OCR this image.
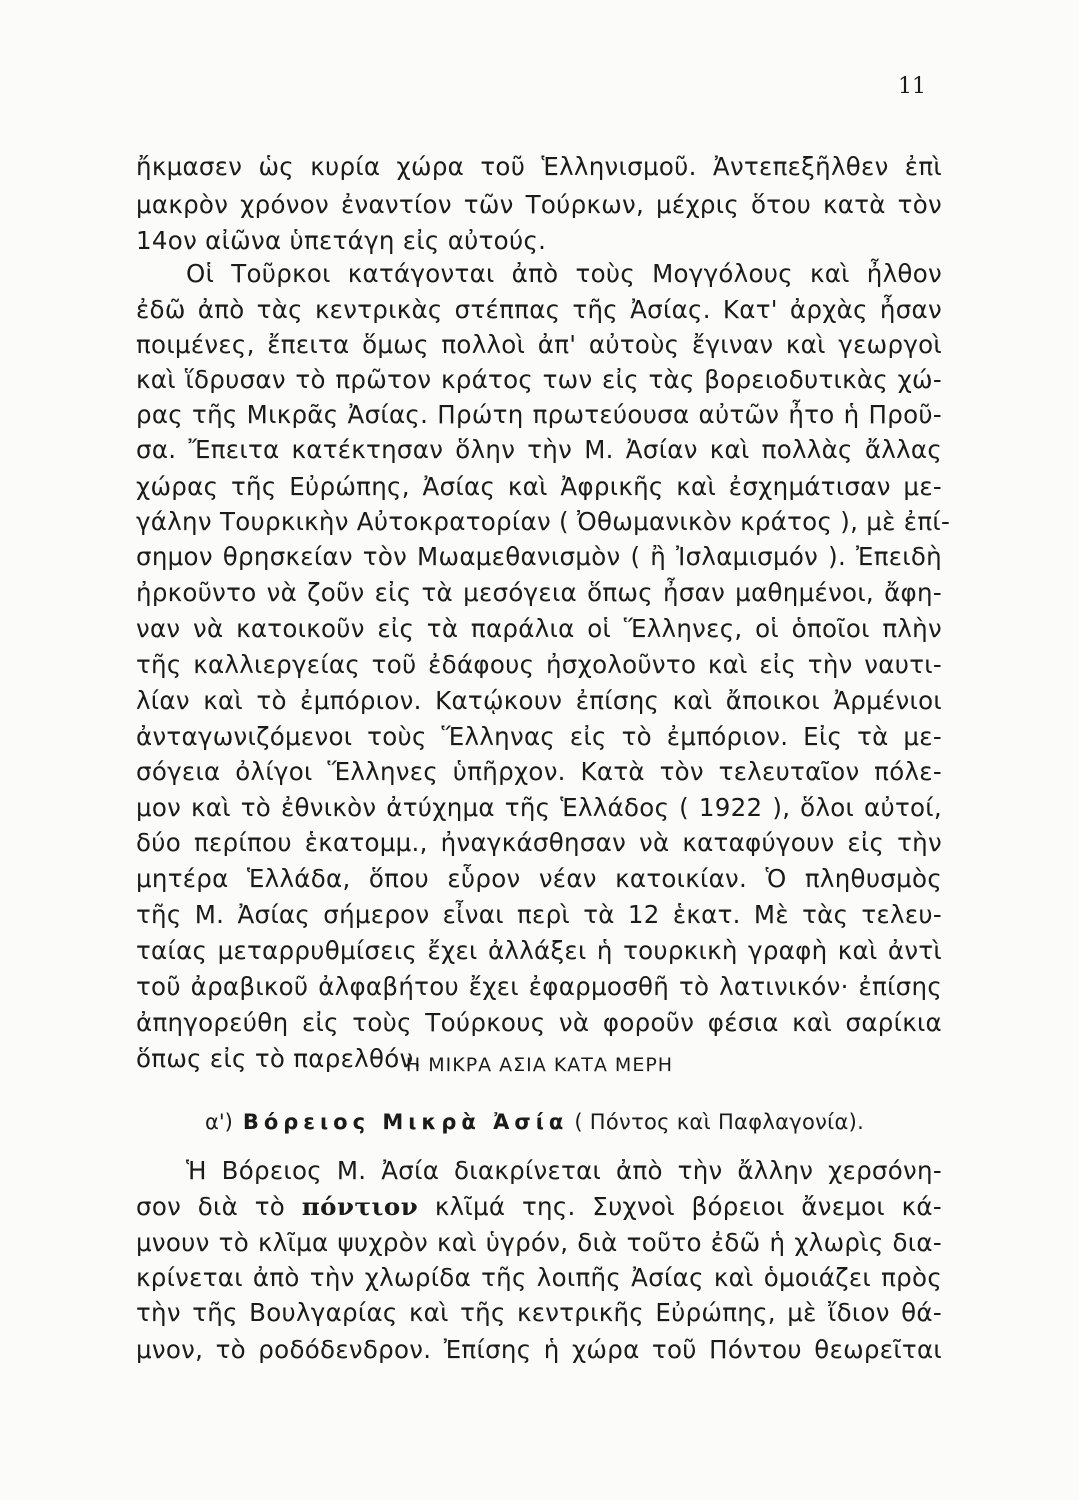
11
ἤκμασεν ὡς κυρία χώρα τοῦ Ἑλληνισμοῦ. Ἀντεπεξῆλθεν ἐπὶ
μακρὸν χρόνον ἐναντίον τῶν Τούρκων, μέχρις ὅτου κατὰ τὸν
14ον αἰῶνα ὑπετάγη εἰς αὐτούς.
Οἱ Τοῦρκοι κατάγονται ἀπὸ τοὺς Μογγόλους καὶ ἦλθον
ἐδῶ ἀπὸ τὰς κεντρικὰς στέππας τῆς Ἀσίας. Κατ' ἀρχὰς ἦσαν
ποιμένες, ἔπειτα ὅμως πολλοὶ ἀπ' αὐτοὺς ἔγιναν καὶ γεωργοὶ
καὶ ἵδρυσαν τὸ πρῶτον κράτος των εἰς τὰς βορειοδυτικὰς χώ-
ρας τῆς Μικρᾶς Ἀσίας. Πρώτη πρωτεύουσα αὐτῶν ἦτο ἡ Προῦ-
σα. Ἔπειτα κατέκτησαν ὅλην τὴν Μ. Ἀσίαν καὶ πολλὰς ἄλλας
χώρας τῆς Εὐρώπης, Ἀσίας καὶ Ἀφρικῆς καὶ ἐσχημάτισαν με-
γάλην Τουρκικὴν Αὐτοκρατορίαν ( Ὀθωμανικὸν κράτος ), μὲ ἐπί-
σημον θρησκείαν τὸν Μωαμεθανισμὸν ( ἢ Ἰσλαμισμόν ). Ἐπειδὴ
ἠρκοῦντο νὰ ζοῦν εἰς τὰ μεσόγεια ὅπως ἦσαν μαθημένοι, ἄφη-
ναν νὰ κατοικοῦν εἰς τὰ παράλια οἱ Ἕλληνες, οἱ ὁποῖοι πλὴν
τῆς καλλιεργείας τοῦ ἐδάφους ἠσχολοῦντο καὶ εἰς τὴν ναυτι-
λίαν καὶ τὸ ἐμπόριον. Κατῴκουν ἐπίσης καὶ ἄποικοι Ἀρμένιοι
ἀνταγωνιζόμενοι τοὺς Ἕλληνας εἰς τὸ ἐμπόριον. Εἰς τὰ με-
σόγεια ὀλίγοι Ἕλληνες ὑπῆρχον. Κατὰ τὸν τελευταῖον πόλε-
μον καὶ τὸ ἐθνικὸν ἀτύχημα τῆς Ἑλλάδος ( 1922 ), ὅλοι αὐτοί,
δύο περίπου ἑκατομμ., ἠναγκάσθησαν νὰ καταφύγουν εἰς τὴν
μητέρα Ἑλλάδα, ὅπου εὗρον νέαν κατοικίαν. Ὁ πληθυσμὸς
τῆς Μ. Ἀσίας σήμερον εἶναι περὶ τὰ 12 ἑκατ. Μὲ τὰς τελευ-
ταίας μεταρρυθμίσεις ἔχει ἀλλάξει ἡ τουρκικὴ γραφὴ καὶ ἀντὶ
τοῦ ἀραβικοῦ ἀλφαβήτου ἔχει ἐφαρμοσθῆ τὸ λατινικόν· ἐπίσης
ἀπηγορεύθη εἰς τοὺς Τούρκους νὰ φοροῦν φέσια καὶ σαρίκια
ὅπως εἰς τὸ παρελθόν.
Η ΜΙΚΡΑ ΑΣΙΑ ΚΑΤΑ ΜΕΡΗ
α') Βόρειος Μικρὰ Ἀσία ( Πόντος καὶ Παφλαγονία).
Ἡ Βόρειος Μ. Ἀσία διακρίνεται ἀπὸ τὴν ἄλλην χερσόνη-
σον διὰ τὸ πόντιον κλῖμά της. Συχνοὶ βόρειοι ἄνεμοι κά-
μνουν τὸ κλῖμα ψυχρὸν καὶ ὑγρόν, διὰ τοῦτο ἐδῶ ἡ χλωρὶς δια-
κρίνεται ἀπὸ τὴν χλωρίδα τῆς λοιπῆς Ἀσίας καὶ ὁμοιάζει πρὸς
τὴν τῆς Βουλγαρίας καὶ τῆς κεντρικῆς Εὐρώπης, μὲ ἴδιον θά-
μνον, τὸ ροδόδενδρον. Ἐπίσης ἡ χώρα τοῦ Πόντου θεωρεῖται
